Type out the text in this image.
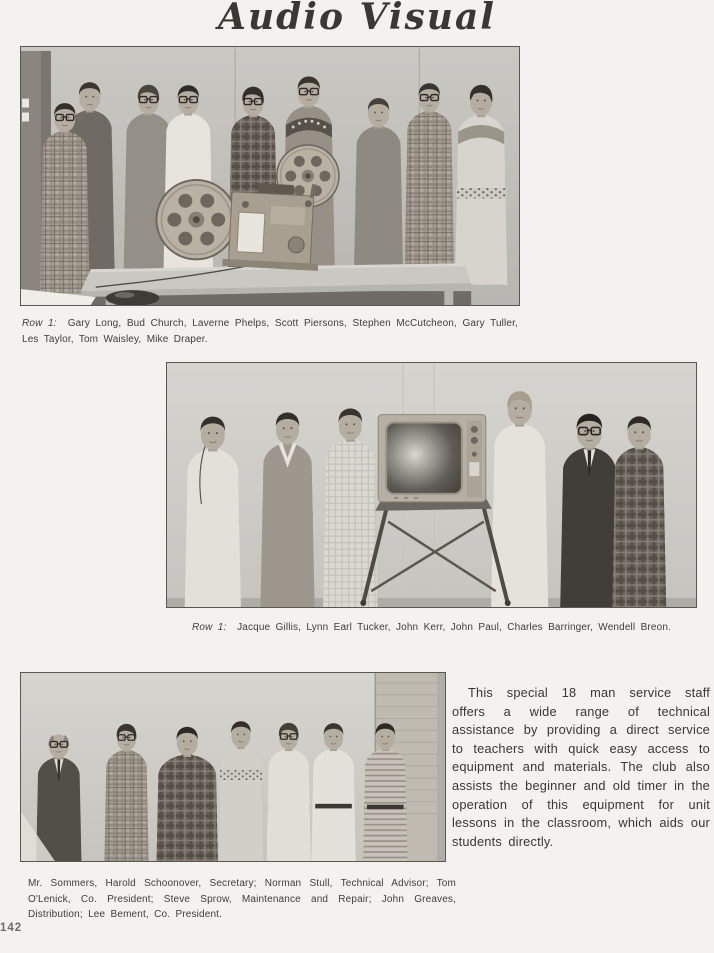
Audio Visual

Row 1: Gary Long, Bud Church, Laverne Phelps, Scott Piersons, Stephen McCutcheon, Gary Tuller, Les Taylor, Tom Waisley, Mike Draper.

Row 1: Jacque Gillis, Lynn Earl Tucker, John Kerr, John Paul, Charles Barringer, Wendell Breon.

This special 18 man service staff offers a wide range of technical assistance by providing a direct service to teachers with quick easy access to equipment and materials. The club also assists the beginner and old timer in the operation of this equipment for unit lessons in the classroom, which aids our students directly.

Mr. Sommers, Harold Schoonover, Secretary; Norman Stull, Technical Advisor; Tom O'Lenick, Co. President; Steve Sprow, Maintenance and Repair; John Greaves, Distribution; Lee Bement, Co. President.

142
